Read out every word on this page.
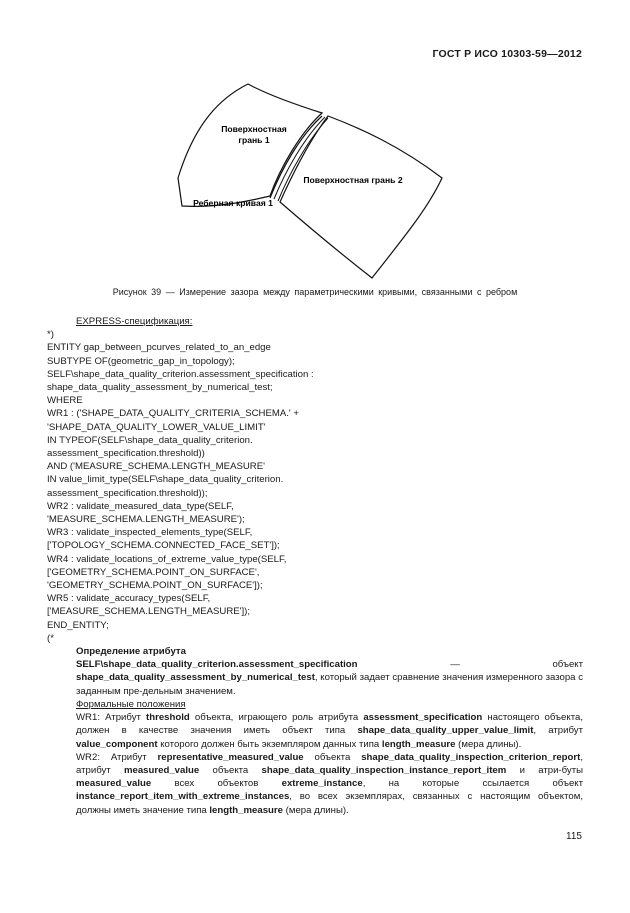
ГОСТ Р ИСО 10303-59—2012
Поверхностная
грань 1
Поверхностная грань 2
Реберная кривая 1
Рисунок 39 — Измерение зазора между параметрическими кривыми, связанными с ребром
EXPRESS-спецификация:
*)
ENTITY gap_between_pcurves_related_to_an_edge
SUBTYPE OF(geometric_gap_in_topology);
SELF\shape_data_quality_criterion.assessment_specification :
shape_data_quality_assessment_by_numerical_test;
WHERE
WR1 : ('SHAPE_DATA_QUALITY_CRITERIA_SCHEMA.' +
'SHAPE_DATA_QUALITY_LOWER_VALUE_LIMIT'
IN TYPEOF(SELF\shape_data_quality_criterion.
assessment_specification.threshold))
AND ('MEASURE_SCHEMA.LENGTH_MEASURE'
IN value_limit_type(SELF\shape_data_quality_criterion.
assessment_specification.threshold));
WR2 : validate_measured_data_type(SELF,
'MEASURE_SCHEMA.LENGTH_MEASURE');
WR3 : validate_inspected_elements_type(SELF,
['TOPOLOGY_SCHEMA.CONNECTED_FACE_SET']);
WR4 : validate_locations_of_extreme_value_type(SELF,
['GEOMETRY_SCHEMA.POINT_ON_SURFACE',
'GEOMETRY_SCHEMA.POINT_ON_SURFACE']);
WR5 : validate_accuracy_types(SELF,
['MEASURE_SCHEMA.LENGTH_MEASURE']);
END_ENTITY;
(*
Определение атрибута
SELF\shape_data_quality_criterion.assessment_specification — объект shape_data_quality_assessment_by_numerical_test, который задает сравнение значения измеренного зазора с заданным пре-дельным значением.
Формальные положения
WR1: Атрибут threshold объекта, играющего роль атрибута assessment_specification настоящего объекта, должен в качестве значения иметь объект типа shape_data_quality_upper_value_limit, атрибут value_component которого должен быть экземпляром данных типа length_measure (мера длины).
WR2: Атрибут representative_measured_value объекта shape_data_quality_inspection_criterion_report, атрибут measured_value объекта shape_data_quality_inspection_instance_report_item и атри-буты measured_value всех объектов extreme_instance, на которые ссылается объект instance_report_item_with_extreme_instances, во всех экземплярах, связанных с настоящим объектом, должны иметь значение типа length_measure (мера длины).
115
